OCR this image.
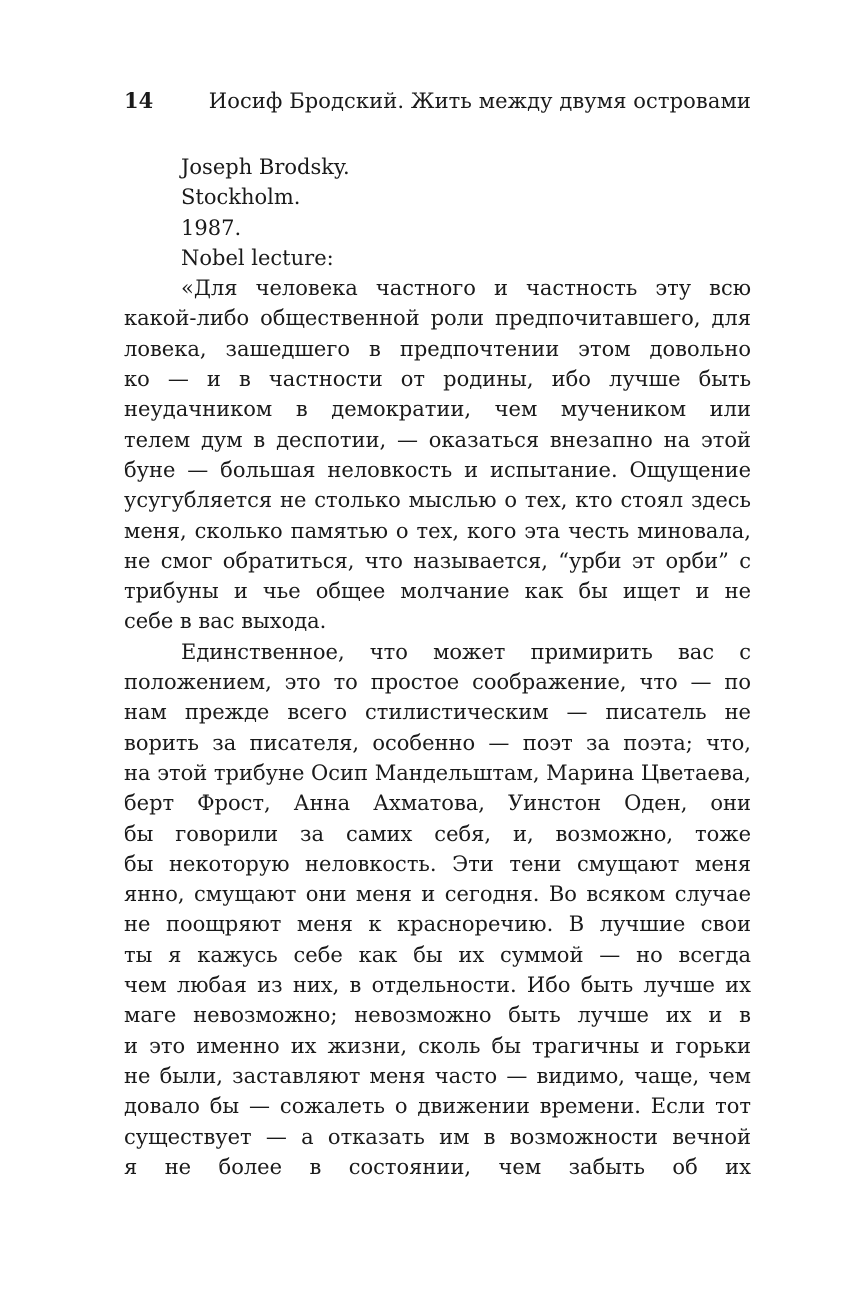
14	Иосиф Бродский. Жить между двумя островами
Joseph Brodsky.
Stockholm.
1987.
Nobel lecture:
«Для человека частного и частность эту всю
какой-либо общественной роли предпочитавшего, для
ловека, зашедшего в предпочтении этом довольно
ко — и в частности от родины, ибо лучше быть
неудачником в демократии, чем мучеником или
телем дум в деспотии, — оказаться внезапно на этой
буне — большая неловкость и испытание. Ощущение
усугубляется не столько мыслью о тех, кто стоял здесь
меня, сколько памятью о тех, кого эта честь миновала,
не смог обратиться, что называется, “урби эт орби” с
трибуны и чье общее молчание как бы ищет и не
себе в вас выхода.
Единственное, что может примирить вас с
положением, это то простое соображение, что — по
нам прежде всего стилистическим — писатель не
ворить за писателя, особенно — поэт за поэта; что,
на этой трибуне Осип Мандельштам, Марина Цветаева,
берт Фрост, Анна Ахматова, Уинстон Оден, они
бы говорили за самих себя, и, возможно, тоже
бы некоторую неловкость. Эти тени смущают меня
янно, смущают они меня и сегодня. Во всяком случае
не поощряют меня к красноречию. В лучшие свои
ты я кажусь себе как бы их суммой — но всегда
чем любая из них, в отдельности. Ибо быть лучше их
маге невозможно; невозможно быть лучше их и в
и это именно их жизни, сколь бы трагичны и горьки
не были, заставляют меня часто — видимо, чаще, чем
довало бы — сожалеть о движении времени. Если тот
существует — а отказать им в возможности вечной
я не более в состоянии, чем забыть об их
